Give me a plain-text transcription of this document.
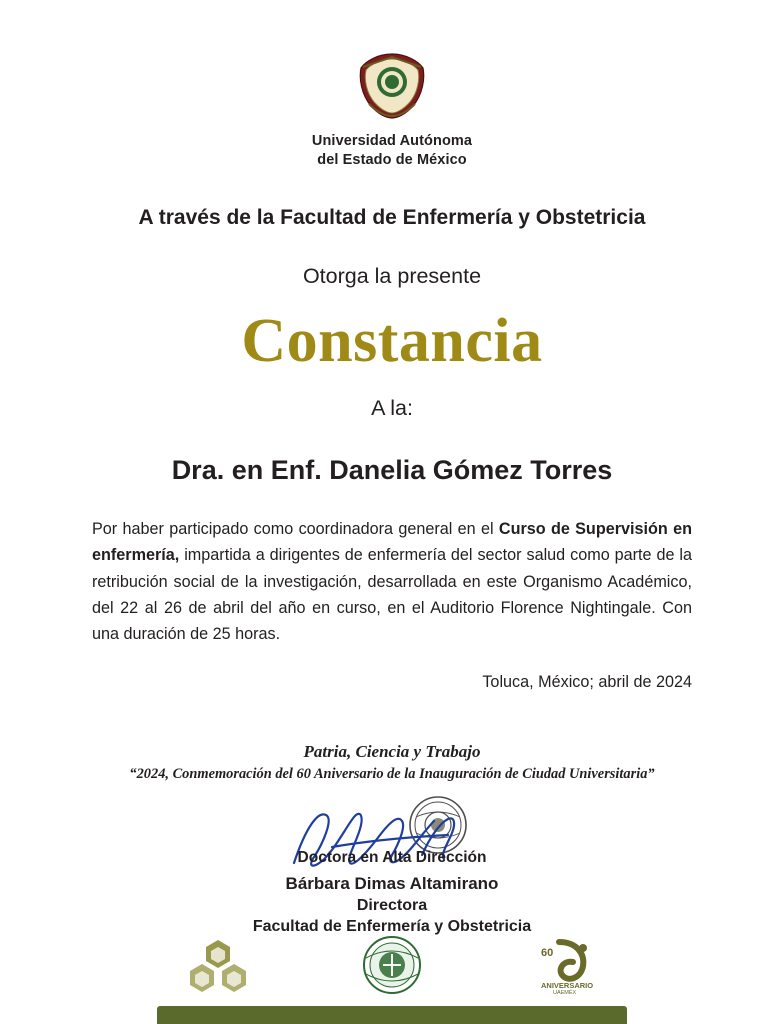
Universidad Autónoma
del Estado de México
A través de la Facultad de Enfermería y Obstetricia
Otorga la presente
Constancia
A la:
Dra. en Enf. Danelia Gómez Torres

Por haber participado como coordinadora general en el Curso de Supervisión en enfermería, impartida a dirigentes de enfermería del sector salud como parte de la retribución social de la investigación, desarrollada en este Organismo Académico, del 22 al 26 de abril del año en curso, en el Auditorio Florence Nightingale. Con una duración de 25 horas.

Toluca, México; abril de 2024
Patria, Ciencia y Trabajo
“2024, Conmemoración del 60 Aniversario de la Inauguración de Ciudad Universitaria”
Doctora en Alta Dirección
Bárbara Dimas Altamirano
Directora
Facultad de Enfermería y Obstetricia
60
ANIVERSARIO
UAEMÉX
